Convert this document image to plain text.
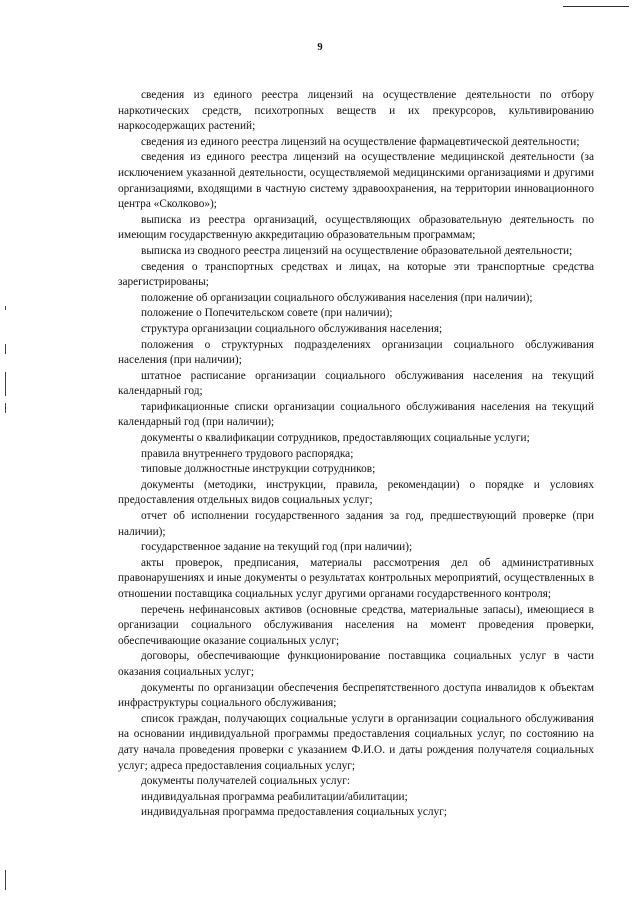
9

сведения из единого реестра лицензий на осуществление деятельности по отбору наркотических средств, психотропных веществ и их прекурсоров, культивированию наркосодержащих растений;

сведения из единого реестра лицензий на осуществление фармацевтической деятельности;

сведения из единого реестра лицензий на осуществление медицинской деятельности (за исключением указанной деятельности, осуществляемой медицинскими организациями и другими организациями, входящими в частную систему здравоохранения, на территории инновационного центра «Сколково»);

выписка из реестра организаций, осуществляющих образовательную деятельность по имеющим государственную аккредитацию образовательным программам;

выписка из сводного реестра лицензий на осуществление образовательной деятельности;

сведения о транспортных средствах и лицах, на которые эти транспортные средства зарегистрированы;

положение об организации социального обслуживания населения (при наличии);

положение о Попечительском совете (при наличии);

структура организации социального обслуживания населения;

положения о структурных подразделениях организации социального обслуживания населения (при наличии);

штатное расписание организации социального обслуживания населения на текущий календарный год;

тарификационные списки организации социального обслуживания населения на текущий календарный год (при наличии);

документы о квалификации сотрудников, предоставляющих социальные услуги;

правила внутреннего трудового распорядка;

типовые должностные инструкции сотрудников;

документы (методики, инструкции, правила, рекомендации) о порядке и условиях предоставления отдельных видов социальных услуг;

отчет об исполнении государственного задания за год, предшествующий проверке (при наличии);

государственное задание на текущий год (при наличии);

акты проверок, предписания, материалы рассмотрения дел об административных правонарушениях и иные документы о результатах контрольных мероприятий, осуществленных в отношении поставщика социальных услуг другими органами государственного контроля;

перечень нефинансовых активов (основные средства, материальные запасы), имеющиеся в организации социального обслуживания населения на момент проведения проверки, обеспечивающие оказание социальных услуг;

договоры, обеспечивающие функционирование поставщика социальных услуг в части оказания социальных услуг;

документы по организации обеспечения беспрепятственного доступа инвалидов к объектам инфраструктуры социального обслуживания;

список граждан, получающих социальные услуги в организации социального обслуживания на основании индивидуальной программы предоставления социальных услуг, по состоянию на дату начала проведения проверки с указанием Ф.И.О. и даты рождения получателя социальных услуг; адреса предоставления социальных услуг;

документы получателей социальных услуг:

индивидуальная программа реабилитации/абилитации;

индивидуальная программа предоставления социальных услуг;
